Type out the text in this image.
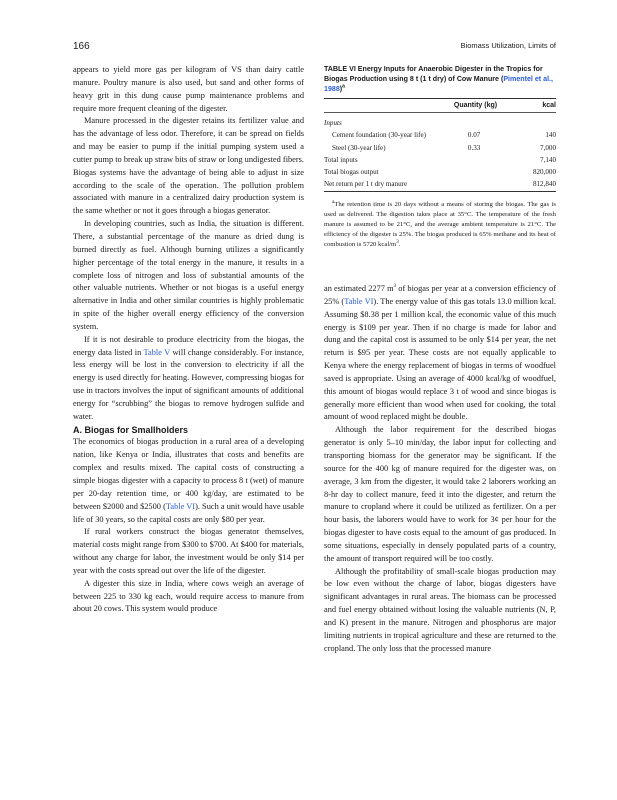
166	Biomass Utilization, Limits of

appears to yield more gas per kilogram of VS than dairy cattle manure. Poultry manure is also used, but sand and other forms of heavy grit in this dung cause pump maintenance problems and require more frequent cleaning of the digester.

Manure processed in the digester retains its fertilizer value and has the advantage of less odor. Therefore, it can be spread on fields and may be easier to pump if the initial pumping system used a cutter pump to break up straw bits of straw or long undigested fibers. Biogas systems have the advantage of being able to adjust in size according to the scale of the operation. The pollution problem associated with manure in a centralized dairy production system is the same whether or not it goes through a biogas generator.

In developing countries, such as India, the situation is different. There, a substantial percentage of the manure as dried dung is burned directly as fuel. Although burning utilizes a significantly higher percentage of the total energy in the manure, it results in a complete loss of nitrogen and loss of substantial amounts of the other valuable nutrients. Whether or not biogas is a useful energy alternative in India and other similar countries is highly problematic in spite of the higher overall energy efficiency of the conversion system.

If it is not desirable to produce electricity from the biogas, the energy data listed in Table V will change considerably. For instance, less energy will be lost in the conversion to electricity if all the energy is used directly for heating. However, compressing biogas for use in tractors involves the input of significant amounts of additional energy for “scrubbing” the biogas to remove hydrogen sulfide and water.

A. Biogas for Smallholders

The economics of biogas production in a rural area of a developing nation, like Kenya or India, illustrates that costs and benefits are complex and results mixed. The capital costs of constructing a simple biogas digester with a capacity to process 8 t (wet) of manure per 20-day retention time, or 400 kg/day, are estimated to be between $2000 and $2500 (Table VI). Such a unit would have usable life of 30 years, so the capital costs are only $80 per year.

If rural workers construct the biogas generator themselves, material costs might range from $300 to $700. At $400 for materials, without any charge for labor, the investment would be only $14 per year with the costs spread out over the life of the digester.

A digester this size in India, where cows weigh an average of between 225 to 330 kg each, would require access to manure from about 20 cows. This system would produce

TABLE VI Energy Inputs for Anaerobic Digester in the Tropics for Biogas Production using 8 t (1 t dry) of Cow Manure (Pimentel et al., 1988)$^a$

	Quantity (kg)	kcal
Inputs		
Cement foundation (30-year life)	0.07	140
Steel (30-year life)	0.33	7,000
Total inputs		7,140
Total biogas output		820,000
Net return per 1 t dry manure		812,840

$^a$The retention time is 20 days without a means of storing the biogas. The gas is used as delivered. The digestion takes place at 35°C. The temperature of the fresh manure is assumed to be 21°C, and the average ambient temperature is 21°C. The efficiency of the digester is 25%. The biogas produced is 65% methane and its heat of combustion is 5720 kcal/$m^3$.

an estimated 2277 $m^3$ of biogas per year at a conversion efficiency of 25% (Table VI). The energy value of this gas totals 13.0 million kcal. Assuming $8.38 per 1 million kcal, the economic value of this much energy is $109 per year. Then if no charge is made for labor and dung and the capital cost is assumed to be only $14 per year, the net return is $95 per year. These costs are not equally applicable to Kenya where the energy replacement of biogas in terms of woodfuel saved is appropriate. Using an average of 4000 kcal/kg of woodfuel, this amount of biogas would replace 3 t of wood and since biogas is generally more efficient than wood when used for cooking, the total amount of wood replaced might be double.

Although the labor requirement for the described biogas generator is only 5–10 min/day, the labor input for collecting and transporting biomass for the generator may be significant. If the source for the 400 kg of manure required for the digester was, on average, 3 km from the digester, it would take 2 laborers working an 8-hr day to collect manure, feed it into the digester, and return the manure to cropland where it could be utilized as fertilizer. On a per hour basis, the laborers would have to work for 3¢ per hour for the biogas digester to have costs equal to the amount of gas produced. In some situations, especially in densely populated parts of a country, the amount of transport required will be too costly.

Although the profitability of small-scale biogas production may be low even without the charge of labor, biogas digesters have significant advantages in rural areas. The biomass can be processed and fuel energy obtained without losing the valuable nutrients (N, P, and K) present in the manure. Nitrogen and phosphorus are major limiting nutrients in tropical agriculture and these are returned to the cropland. The only loss that the processed manure
